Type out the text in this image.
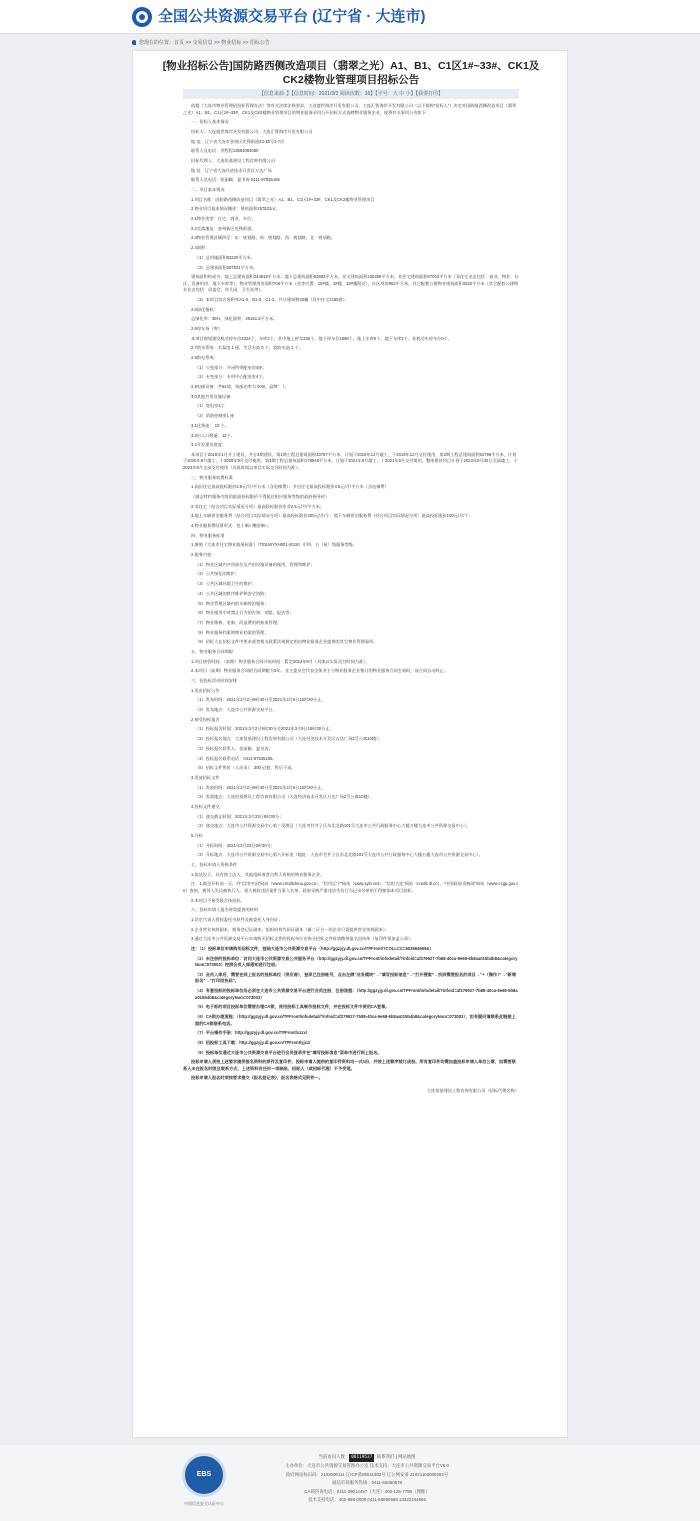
全国公共资源交易平台 (辽宁省 · 大连市)
您现在的位置：首页 >> 交易信息 >> 物业招标 >> 招标公告
[物业招标公告]国防路西侧改造项目（翡翠之光）A1、B1、C1区1#~33#、CK1及CK2楼物业管理项目招标公告
【信息来源：】【信息时间：2021/3/2 阅读次数：16】【字号：大 中 小】【我要打印】

依据《大连市物业管理招投标管理办法》等有关法律法规要求，大连盛世海岸开发有限公司、大连汇智海岸开发有限公司（以下简称“招标人”）决定对国防路西侧改造项目（翡翠之光）A1、B1、C1区1#~33#、CK1及CK2楼物业管理项目的物业服务采用公开招标方式选聘物业服务企业，现将有关事项公告如下：

一、招标人基本情况

招标人：大连盛世海岸开发有限公司、大连汇智海岸开发有限公司

地 址：辽宁省大连市金州区先锋街道23-25号1-7层

联系人及电话：洪程程13654083050

招标代理人：大连恒基建设工程咨询有限公司

地 址：辽宁省大连经济技术开发区万达广场

联系人及电话：张丽颖、夏书涛 0411-87535185

二、项目基本情况

1.项目名称：国防路西侧改造项目（翡翠之光）A1、B1、C1区1#~33#、CK1及CK2楼物业管理项目

2.物业项目基本情况概述：建筑面积297531㎡。

2.1物业类型：住宅、商业、车位；

2.2坐落地址：金州新区先锋街道。

2.3物业管理区域四至：东：规划路，南：规划路，西：规划路，北：规划路。

2.4面积：

（1）总用地面积83330平方米。

（2）总建筑面积297531平方米。

建筑面积构成为：地上总建筑面积243818平方米；地下总建筑面积53683平方米。住宅建筑面积230488平方米，非住宅建筑面积67043平方米（非住宅业态包括：商业、物业、社区、设备用房、地下车库等），物业管理用房面积706平方米（业等位置：10#楼、3#楼、33#楼附近），社区用房662平方米，其它配套公建物业建筑面积3243平方米（其它配套公建物业业态包括：居委会、幼儿园、卫生站等）。

（3）本项目综合容积率A1-3、B1-3、C1-2，共计建筑物33幢（其中住宅2185套）。

2.5绿化指标：

总绿化率：35%，绿化面积：29161.5平方米。

2.6停车场（库）：

本项目规划建设机动停车位2224个，车库2个，其中地上停车236个，地下停车位1988个，地上车库0个，地下车库2个，非机动车停车位0个。

2.7供水系统：水泵房 1 座，生活水池 0 个，消防水池 1 个。

2.8供电系统：

（1）公变部分：开闭所带配电房4座；

（2）专变部分：专用中心配电室4个。

2.9电梯设备：共64部，每部功率为 /KW，品牌： /。

3.0其他共用设施设备

（1）变电亭4个

（2）消防控制室1 座

3.1化粪池： 10 个。

3.2出入口数量：12个。

3.3开发建设进度：

本项目于2018年1月开工建设，共分3期建设，第1期工程总建筑面积33787平方米，计划于2019年12月竣工，于2019年12月交付使用，第2期工程总建筑面积84796平方米，计划于2020年9月竣工，于2020年9月交付使用，第3期工程总建筑面积178948平方米，计划于2021年9月竣工，于2021年9月交付使用，整体建设项目计划于2023年9月30日全部竣工，于2023年9月全部交付使用（具体时间以项目实际交付时间为准）。

三、物业服务收费标准

1.高层住宅最高投标限价2.9元/月/平方米（含电梯费）；多层住宅最高投标限价4.6元/月/平方米（含电梯费）

（减去特约服务内容的最高投标限价不得超过相应服务等级的政府指导价）

2.非住宅（结合项目实际情况分项）最高投标限价非业2.5元/月/平方米；

3.地上车辆停泊服务费（结合项目实际情况分项）最高投标限价200元/月/个；地下车辆停泊服务费（结合项目实际情况分项）最高投标限价100元/月/个；

4.物业服务费结算形式：包干制√ 酬金制□。

四、物业服务标准

1.参照《大连市住宅物业服务标准》（T/DLWYXH001-2018）中四、五（星）级服务等级。

2.服务内容：

（1）物业区域内共用部位及共用设施设备的使用、管理和维护；

（2）公共绿化的维护；

（3）公共区域环境卫生的维护；

（4）公共区域的秩序维护和安全协防；

（5）物业管理区域内的车辆停泊服务；

（6）物业使用中对禁止行为的告知、劝阻、报告等；

（7）物业维修、更新、改造费用的账务管理；

（8）物业服务档案和物业档案的管理；

（9）招标人在招标文件中要求或者相关政策法规规定的由物业服务企业提供的其它物业管理事项。

五、物业服务合同期限

1.项目接管时间：（前期）物业服务合同开始时间：暂定2023年9月（具体以实际交付时间为准）。

2.本项目（前期）物业服务合同的合同期限为3年。业主委员会代表全体业主与物业服务企业签订的物业服务合同生效时，该合同自动终止。

六、招投标活动时间安排

1.发布招标公告

（1）发布时间：2021年3月2日9时30分至2021年3月9日16时30分止；

（2）发布地点：大连市公共资源交易平台。

2.接受投标报名

（1）投标报名时间：2021年3月2日9时30分至2021年3月9日16时30分止；

（2）投标报名地点：大连恒基建设工程咨询有限公司（大连经济技术开发区万达广场2号公寓10楼）；

（3）投标报名联系人：张丽颖、夏书涛；

（4）投标报名联系电话：0411-87535185。

（5）招标文件售价（人民币）：300元/套，售后不退。

3.发放招标文件

（1）发放时间：2021年3月2日9时30分至2021年3月9日16时30分止；

（2）发放地点：大连恒基建设工程咨询有限公司（大连经济技术开发区万达广场2号公寓10楼）。

4.投标文件递交

（1）递交截止时间：2021年3月23日9时30分；

（2）递交地点：大连市公共资源交易中心第三受理区（大连市甘井子区东北北路101号大连市公共行政服务中心大楼五楼大连市公共资源交易中心）。

5.开标

（1）开标时间：2021年3月23日9时30分；

（2）开标地点：大连市公共资源交易中心第八开标室（地址：大连市甘井子区东北北路101号大连市公共行政服务中心大楼五楼大连市公共资源交易中心）。

七、投标申请人资格条件

1.依法设立，具有独立法人、其他组织或者自然人资格的物业服务企业；

注：1.截至开标前一天，经“信用中国”网站（www.creditchina.gov.cn）、“信用辽宁”网站（www.xyln.net）、“信用大连”网站（credit.dl.cn）、“中国政府采购网”网站（www.ccgp.gov.cn）查询，被列入失信被执行人、重大税收违法案件当事人名单、政府采购严重违法失信行为记录名单的不得参加本项目投标。

2.本项目不接受联合体投标。

八、投标申请人报名时需提供的材料

1.法定代表人授权委托书原件及被委托人身份证；

2.企业营业执照副本、税务登记证副本、组织机构代码证副本（属三证合一的企业只需提供营业执照副本）；

3.通过大连市公共资源交易平台申请购买招标文件的投标单位在购买招标文件时请携带报名回执单（复印件须加盖公章）。

注：（1）投标单位申请购买招标文件，登陆大连市公共资源交易平台（http://ggzyjy.dl.gov.cn/TPFront/?COLLCC=603694969&）

（2）未注册的投标单位：访问大连市公共资源交易公共服务平台（http://ggzyjy.dl.gov.cn/TPFront/infodetail/?infoid=af279927-7b88-40ca-9e68-6b8aa015b4b8&categoryNum=073003）按照会员入库通知进行注册。

（3）会员入库后，需要在网上报名的投标单位（供应商），登录已注册帐号，点击左侧“业务模块”→“填写投标信息”→“打开搜索”→找到需要报名的项目→“+（操作）”→“新增报名”→“打印回执码”。

（4）有意投标的投标单位务必须在大连市公共资源交易平台进行会员注册，注册流程：（http://ggzyjy.dl.gov.cn/TPFront/infodetail/?infoid=af279927-7b88-40ca-9e68-6b8aa015b4b8&categoryNum=073003）

（5）电子标的项目投标单位需要办理CA锁，使用投标工具制作投标文件，并在投标文件中使用CA签章。

（6）CA锁办理流程：（http://ggzyjy.dl.gov.cn/TPFront/infodetail/?infoid=af279927-7b88-40ca-9e68-6b8aa015b4b8&categoryNum=073003），如有疑问请联系此链接上面的CA锁联系电话。

（7）平台操作手册：http://ggzyjy.dl.gov.cn/TPFront/xzzx/

（8）招投标工具下载：http://ggzyjy.dl.gov.cn/TPFront/yjxz/

（9）投标单位通过大连市公共资源交易平台进行会员登录并在“填写投标信息”菜单中进行网上报名。

投标申请人须按上述要求提供报名资料的原件及复印件，投标申请人提供的复印件资料均一式1份，并按上述顺序装订成册。所有复印件均需加盖投标申请人单位公章，如需要联系人未在报名时限及联系方式，上述资料有任何一项缺陷，招标人（或招标代理）不予受理。

投标申请人报名时须按要求提交《报名登记表》，报名表格式见附件一。

大连恒基建设工程咨询有限公司（招标代理名称）

EBS
中国信息安全认证中心
当前访问人数： 00119537 联系我们 | 网站地图
主办单位：大连市公共资源交易管理办公室 技术支持：大连市公共资源交易平台V6.0
政府网站标识码：2102000111 辽ICP备05011492号 辽公网安备 21021102000284号
诚信市场服务热线：0411-65850578
CA锁咨询电话：0411-39014457（大连）400-125-7788（翔维）
技术支持电话：400-998-0000 0411-65850588 13322244665
